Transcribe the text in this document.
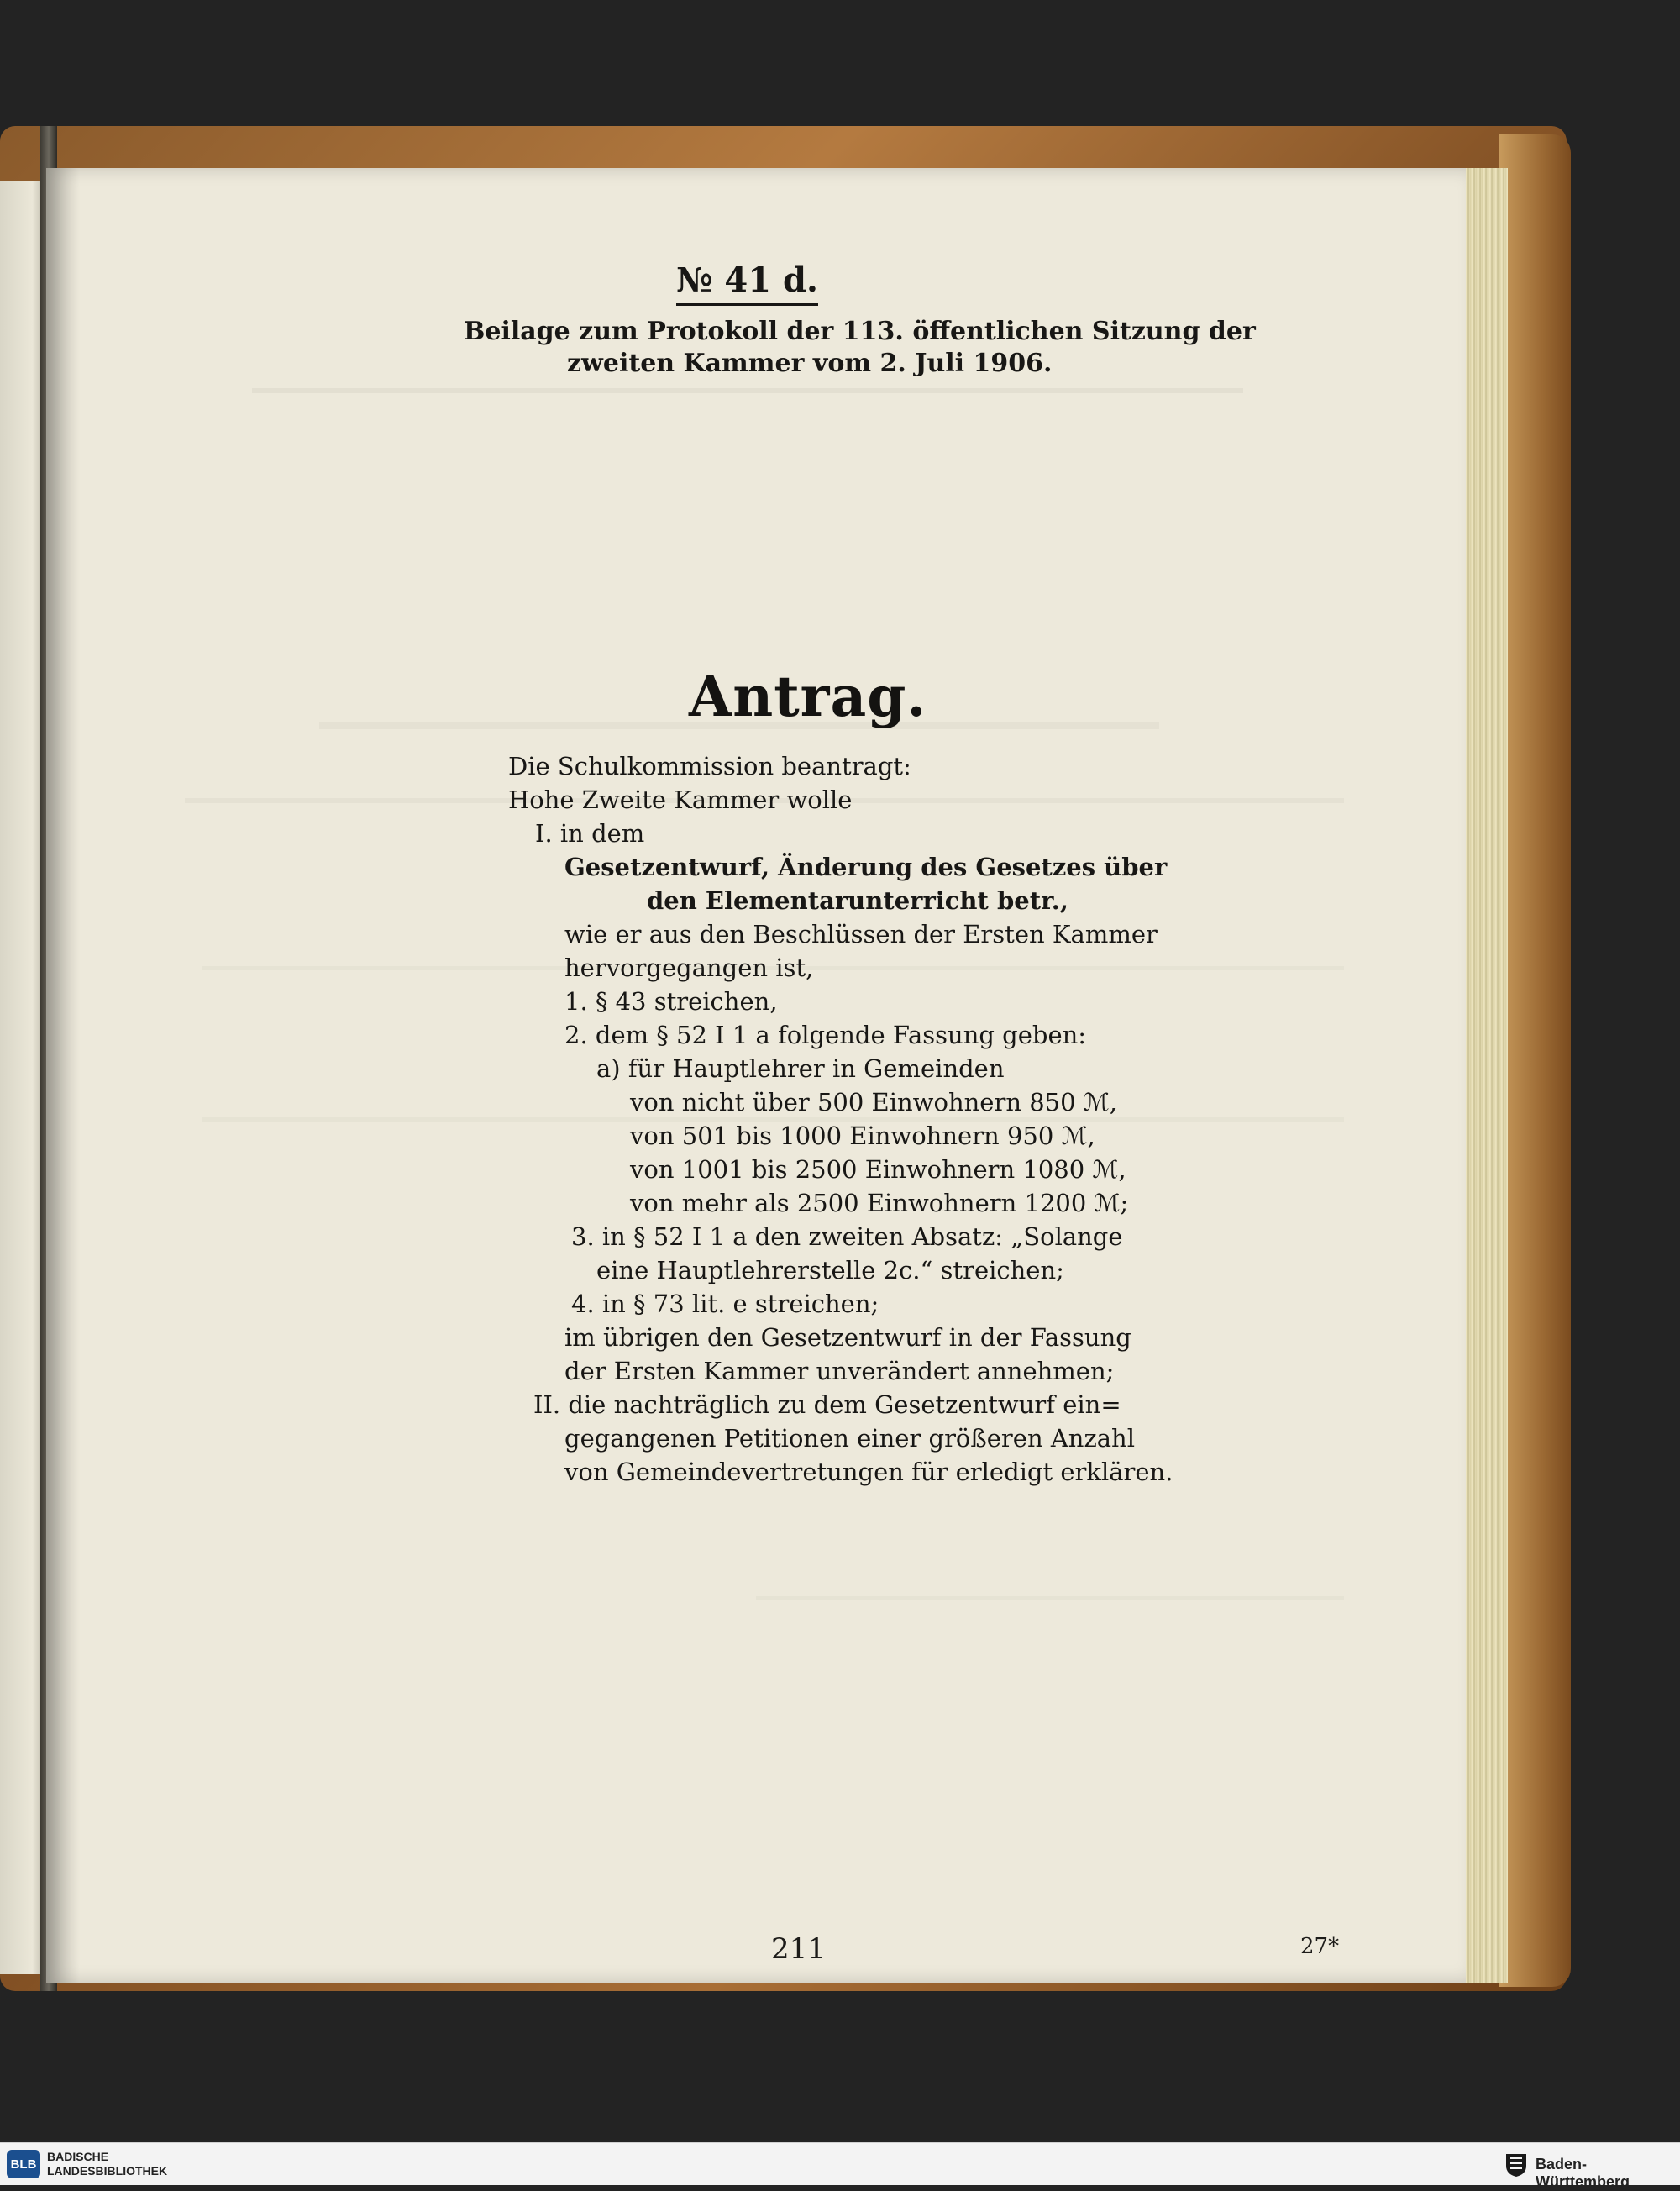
№ 41 d.
Beilage zum Protokoll der 113. öffentlichen Sitzung der
zweiten Kammer vom 2. Juli 1906.
Antrag.
Die Schulkommission beantragt:
Hohe Zweite Kammer wolle
I. in dem
Gesetzentwurf, Änderung des Gesetzes über
den Elementarunterricht betr.,
wie er aus den Beschlüssen der Ersten Kammer
hervorgegangen ist,
1. § 43 streichen,
2. dem § 52 I 1 a folgende Fassung geben:
a) für Hauptlehrer in Gemeinden
von nicht über 500 Einwohnern 850 ℳ,
von 501 bis 1000 Einwohnern 950 ℳ,
von 1001 bis 2500 Einwohnern 1080 ℳ,
von mehr als 2500 Einwohnern 1200 ℳ;
3. in § 52 I 1 a den zweiten Absatz: „Solange
eine Hauptlehrerstelle 2c.“ streichen;
4. in § 73 lit. e streichen;
im übrigen den Gesetzentwurf in der Fassung
der Ersten Kammer unverändert annehmen;
II. die nachträglich zu dem Gesetzentwurf ein=
gegangenen Petitionen einer größeren Anzahl
von Gemeindevertretungen für erledigt erklären.
211	27*
BLB
BADISCHE
LANDESBIBLIOTHEK	Baden-Württemberg
